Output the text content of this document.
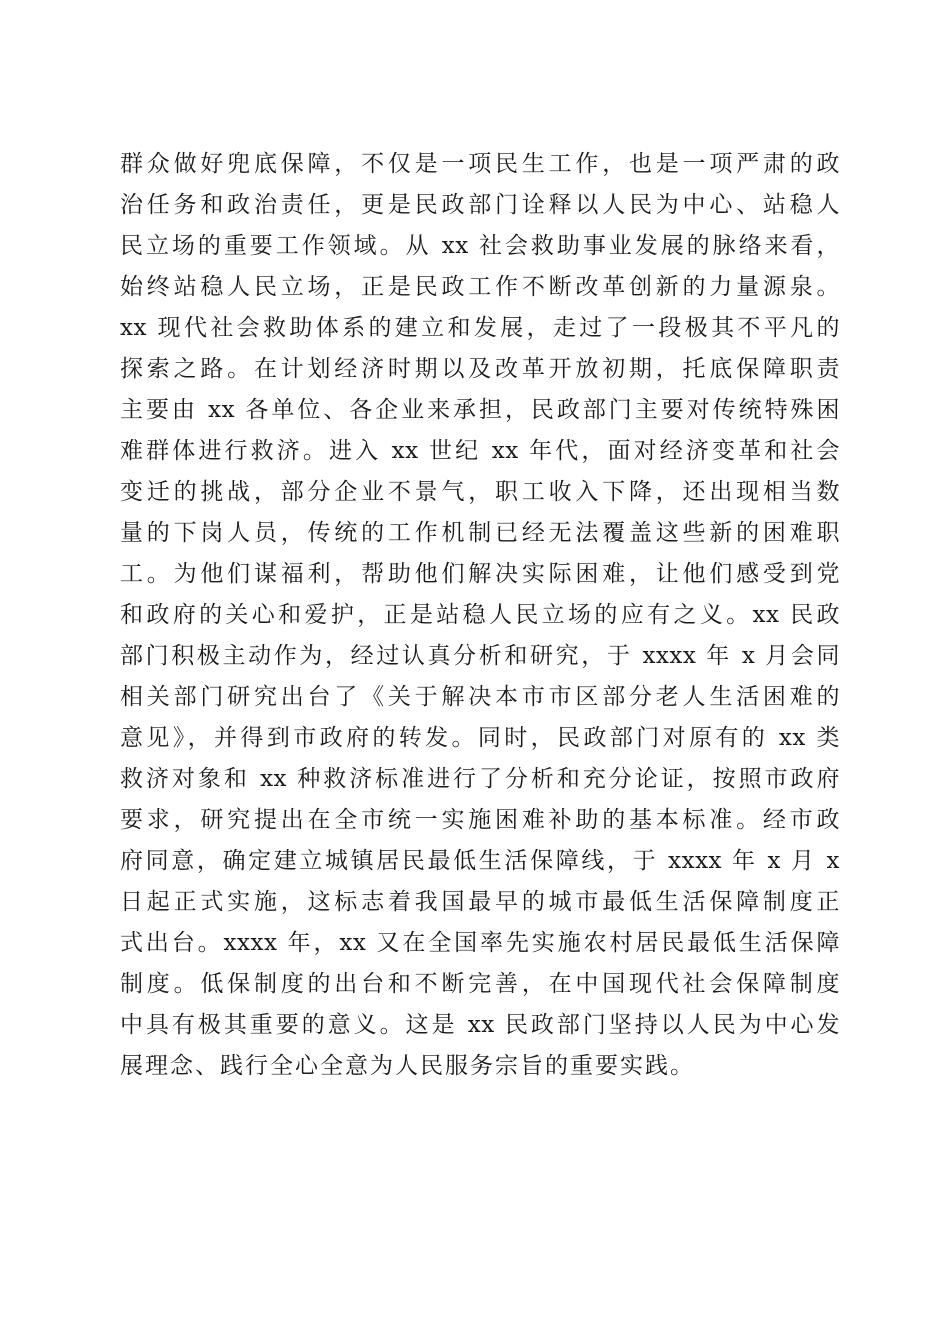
群众做好兜底保障，不仅是一项民生工作，也是一项严肃的政
治任务和政治责任，更是民政部门诠释以人民为中心、站稳人
民立场的重要工作领域。从 xx 社会救助事业发展的脉络来看，
始终站稳人民立场，正是民政工作不断改革创新的力量源泉。
xx 现代社会救助体系的建立和发展，走过了一段极其不平凡的
探索之路。在计划经济时期以及改革开放初期，托底保障职责
主要由 xx 各单位、各企业来承担，民政部门主要对传统特殊困
难群体进行救济。进入 xx 世纪 xx 年代，面对经济变革和社会
变迁的挑战，部分企业不景气，职工收入下降，还出现相当数
量的下岗人员，传统的工作机制已经无法覆盖这些新的困难职
工。为他们谋福利，帮助他们解决实际困难，让他们感受到党
和政府的关心和爱护，正是站稳人民立场的应有之义。xx 民政
部门积极主动作为，经过认真分析和研究，于 xxxx 年 x 月会同
相关部门研究出台了《关于解决本市市区部分老人生活困难的
意见》，并得到市政府的转发。同时，民政部门对原有的 xx 类
救济对象和 xx 种救济标准进行了分析和充分论证，按照市政府
要求，研究提出在全市统一实施困难补助的基本标准。经市政
府同意，确定建立城镇居民最低生活保障线，于 xxxx 年 x 月 x
日起正式实施，这标志着我国最早的城市最低生活保障制度正
式出台。xxxx 年，xx 又在全国率先实施农村居民最低生活保障
制度。低保制度的出台和不断完善，在中国现代社会保障制度
中具有极其重要的意义。这是 xx 民政部门坚持以人民为中心发
展理念、践行全心全意为人民服务宗旨的重要实践。
